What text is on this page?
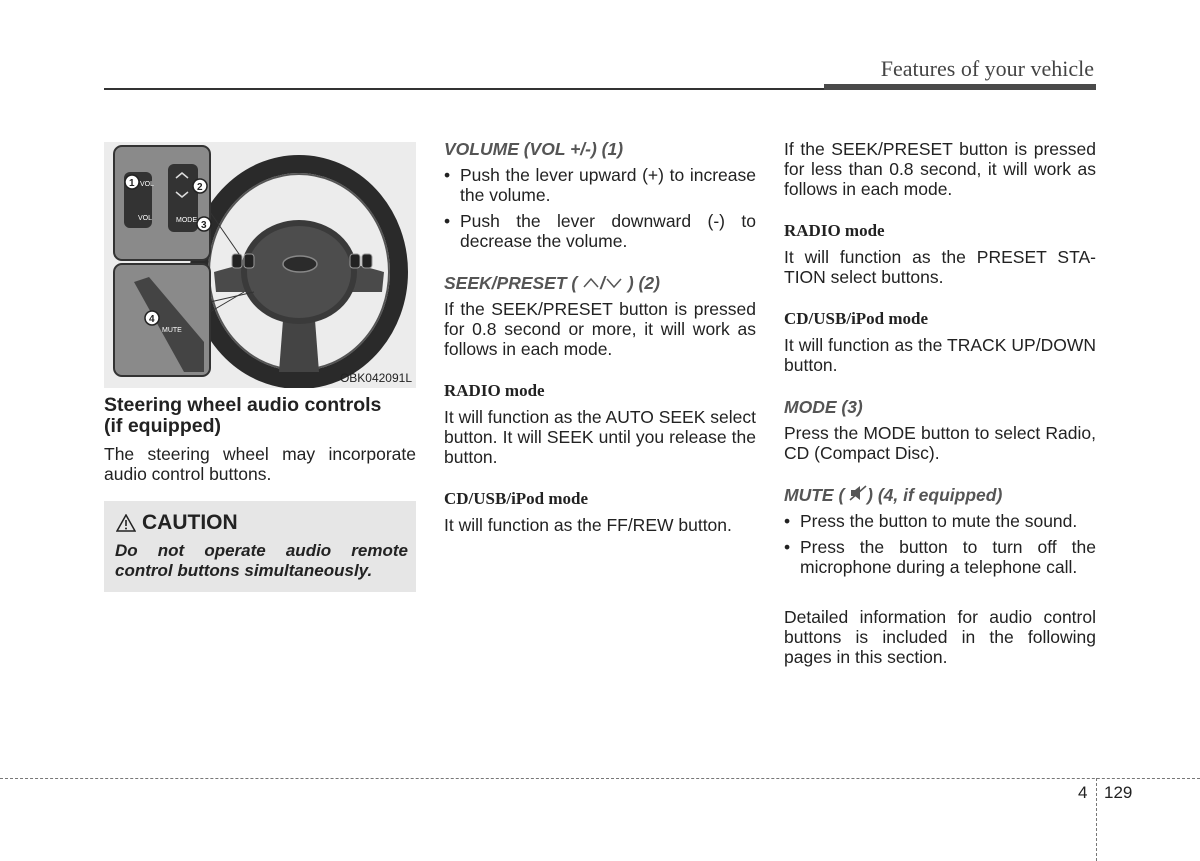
Features of your vehicle
VOL
VOL	MODE
MUTE
1	2
3
4
OBK042091L
Steering wheel audio controls
(if equipped)

The steering wheel may incorporate audio control buttons.

CAUTION
Do not operate audio remote control buttons simultaneously.
VOLUME (VOL +/-) (1)
• Push the lever upward (+) to increase the volume.
• Push the lever downward (-) to decrease the volume.
SEEK/PRESET ( / ) (2)

If the SEEK/PRESET button is pressed for 0.8 second or more, it will work as follows in each mode.

RADIO mode

It will function as the AUTO SEEK select button. It will SEEK until you release the button.

CD/USB/iPod mode

It will function as the FF/REW button.

If the SEEK/PRESET button is pressed for less than 0.8 second, it will work as follows in each mode.

RADIO mode

It will function as the PRESET STA-TION select buttons.

CD/USB/iPod mode

It will function as the TRACK UP/DOWN button.

MODE (3)

Press the MODE button to select Radio, CD (Compact Disc).

MUTE ( ) (4, if equipped)
• Press the button to mute the sound.
• Press the button to turn off the microphone during a telephone call.

Detailed information for audio control buttons is included in the following pages in this section.

4 129
